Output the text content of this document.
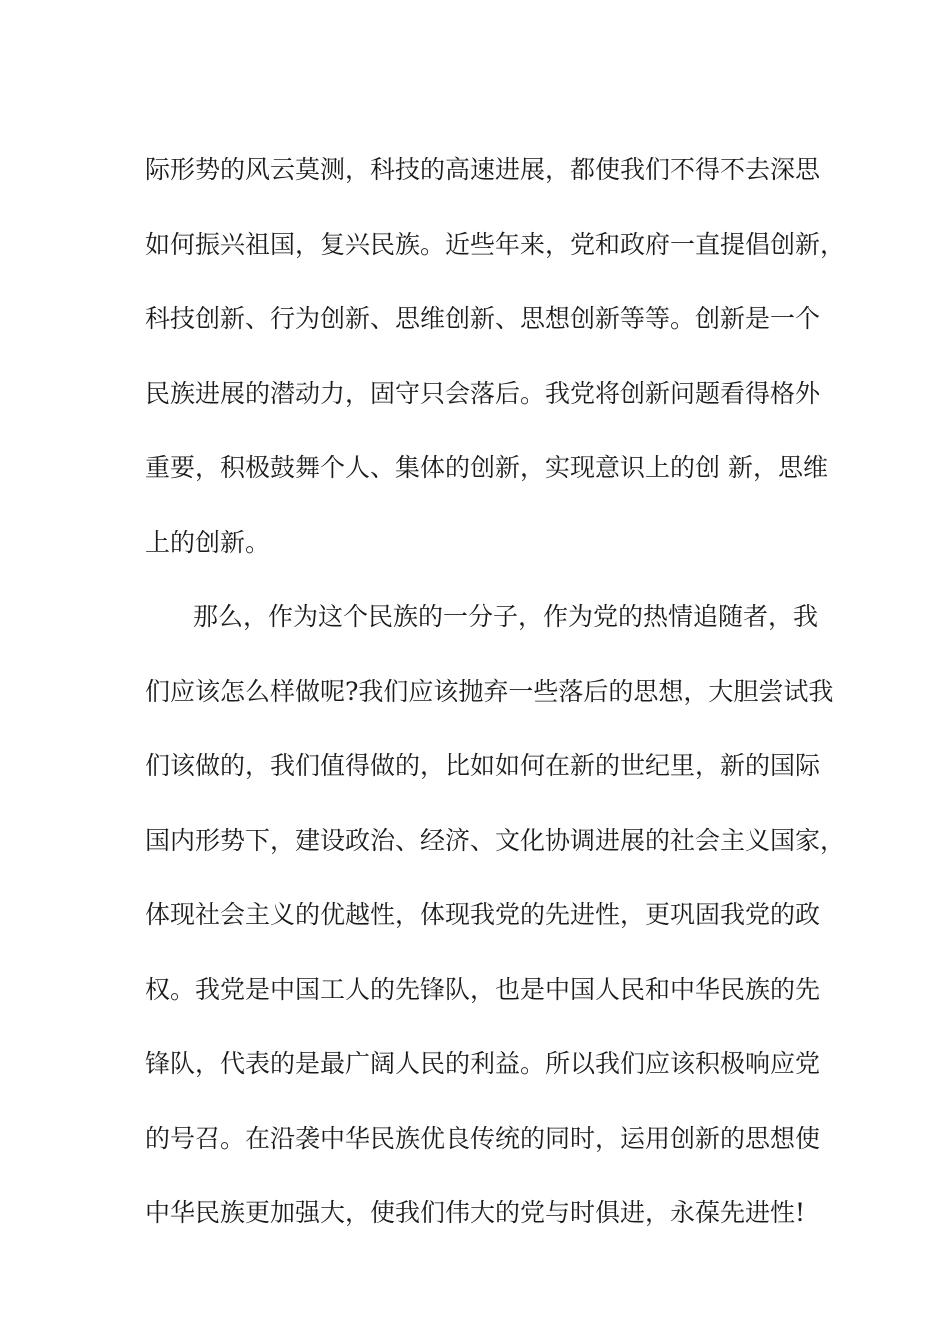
际形势的风云莫测，科技的高速进展，都使我们不得不去深思
如何振兴祖国，复兴民族。近些年来，党和政府一直提倡创新，
科技创新、行为创新、思维创新、思想创新等等。创新是一个
民族进展的潜动力，固守只会落后。我党将创新问题看得格外
重要，积极鼓舞个人、集体的创新，实现意识上的创 新，思维
上的创新。
那么，作为这个民族的一分子，作为党的热情追随者，我
们应该怎么样做呢?我们应该抛弃一些落后的思想，大胆尝试我
们该做的，我们值得做的，比如如何在新的世纪里，新的国际
国内形势下，建设政治、经济、文化协调进展的社会主义国家，
体现社会主义的优越性，体现我党的先进性，更巩固我党的政
权。我党是中国工人的先锋队，也是中国人民和中华民族的先
锋队，代表的是最广阔人民的利益。所以我们应该积极响应党
的号召。在沿袭中华民族优良传统的同时，运用创新的思想使
中华民族更加强大，使我们伟大的党与时俱进，永葆先进性!
